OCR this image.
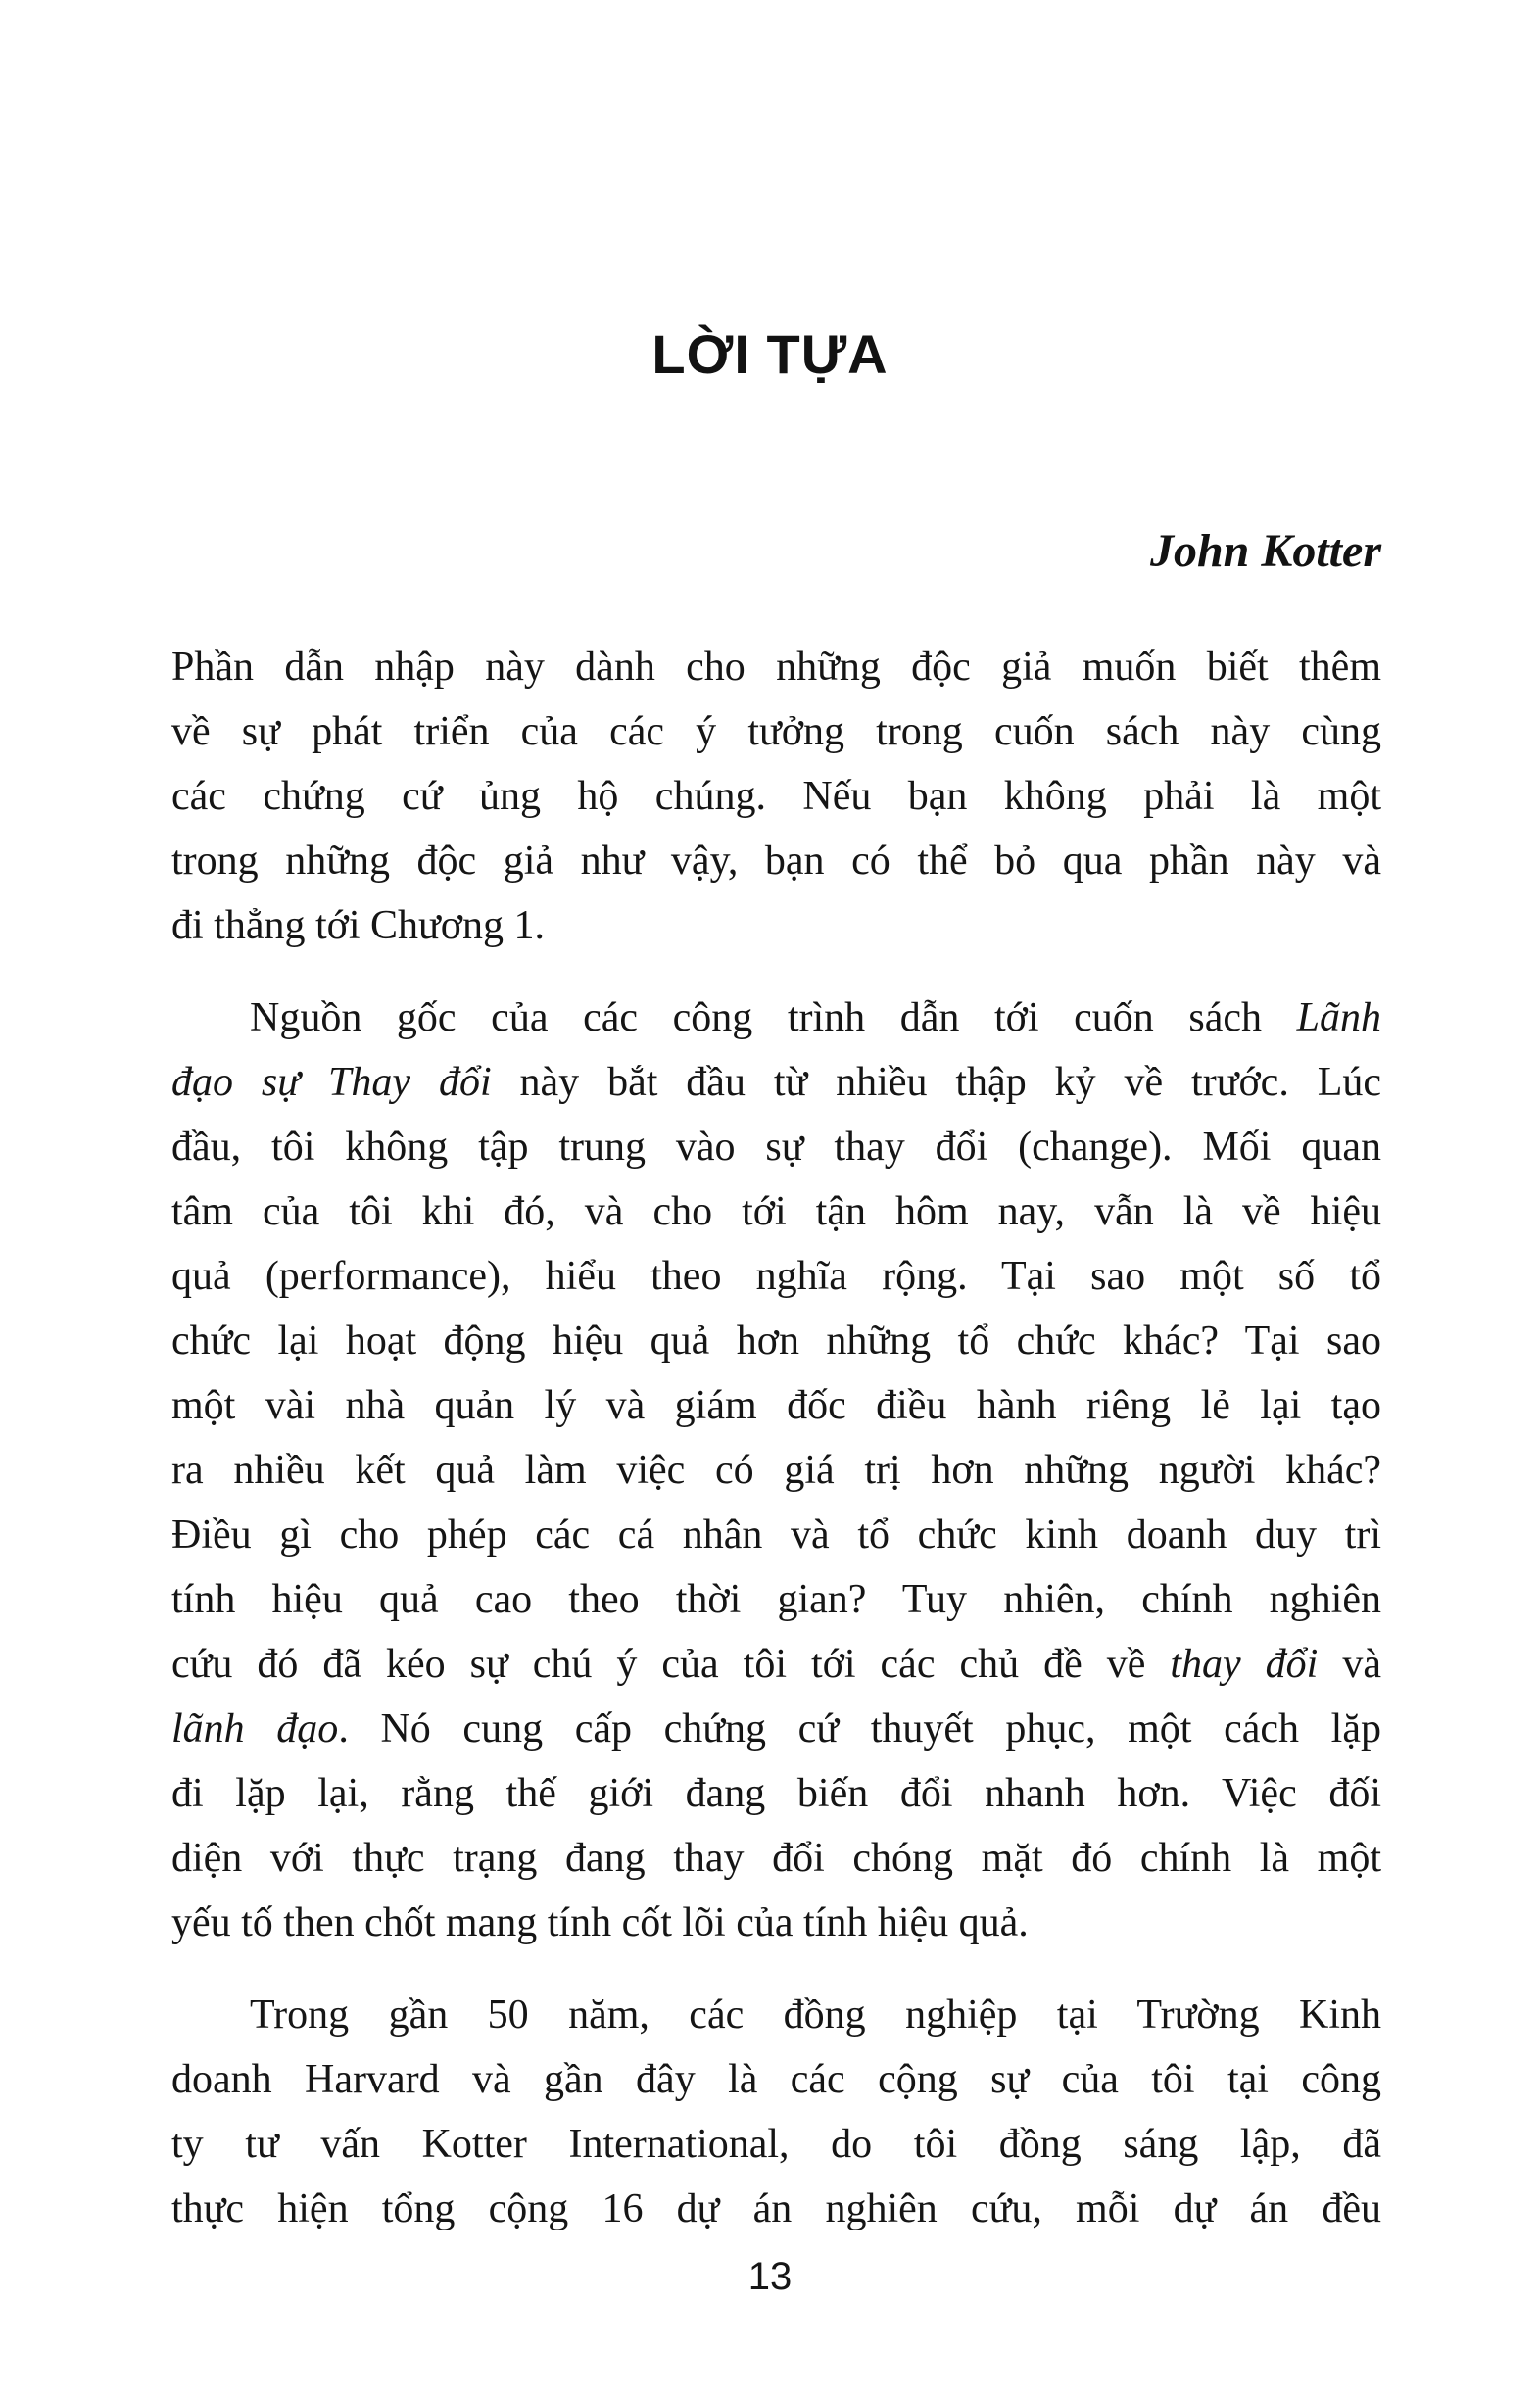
LỜI TỰA
John Kotter
Phần dẫn nhập này dành cho những độc giả muốn biết thêm
về sự phát triển của các ý tưởng trong cuốn sách này cùng
các chứng cứ ủng hộ chúng. Nếu bạn không phải là một
trong những độc giả như vậy, bạn có thể bỏ qua phần này và
đi thẳng tới Chương 1.
Nguồn gốc của các công trình dẫn tới cuốn sách Lãnh
đạo sự Thay đổi này bắt đầu từ nhiều thập kỷ về trước. Lúc
đầu, tôi không tập trung vào sự thay đổi (change). Mối quan
tâm của tôi khi đó, và cho tới tận hôm nay, vẫn là về hiệu
quả (performance), hiểu theo nghĩa rộng. Tại sao một số tổ
chức lại hoạt động hiệu quả hơn những tổ chức khác? Tại sao
một vài nhà quản lý và giám đốc điều hành riêng lẻ lại tạo
ra nhiều kết quả làm việc có giá trị hơn những người khác?
Điều gì cho phép các cá nhân và tổ chức kinh doanh duy trì
tính hiệu quả cao theo thời gian? Tuy nhiên, chính nghiên
cứu đó đã kéo sự chú ý của tôi tới các chủ đề về thay đổi và
lãnh đạo. Nó cung cấp chứng cứ thuyết phục, một cách lặp
đi lặp lại, rằng thế giới đang biến đổi nhanh hơn. Việc đối
diện với thực trạng đang thay đổi chóng mặt đó chính là một
yếu tố then chốt mang tính cốt lõi của tính hiệu quả.
Trong gần 50 năm, các đồng nghiệp tại Trường Kinh
doanh Harvard và gần đây là các cộng sự của tôi tại công
ty tư vấn Kotter International, do tôi đồng sáng lập, đã
thực hiện tổng cộng 16 dự án nghiên cứu, mỗi dự án đều
13
